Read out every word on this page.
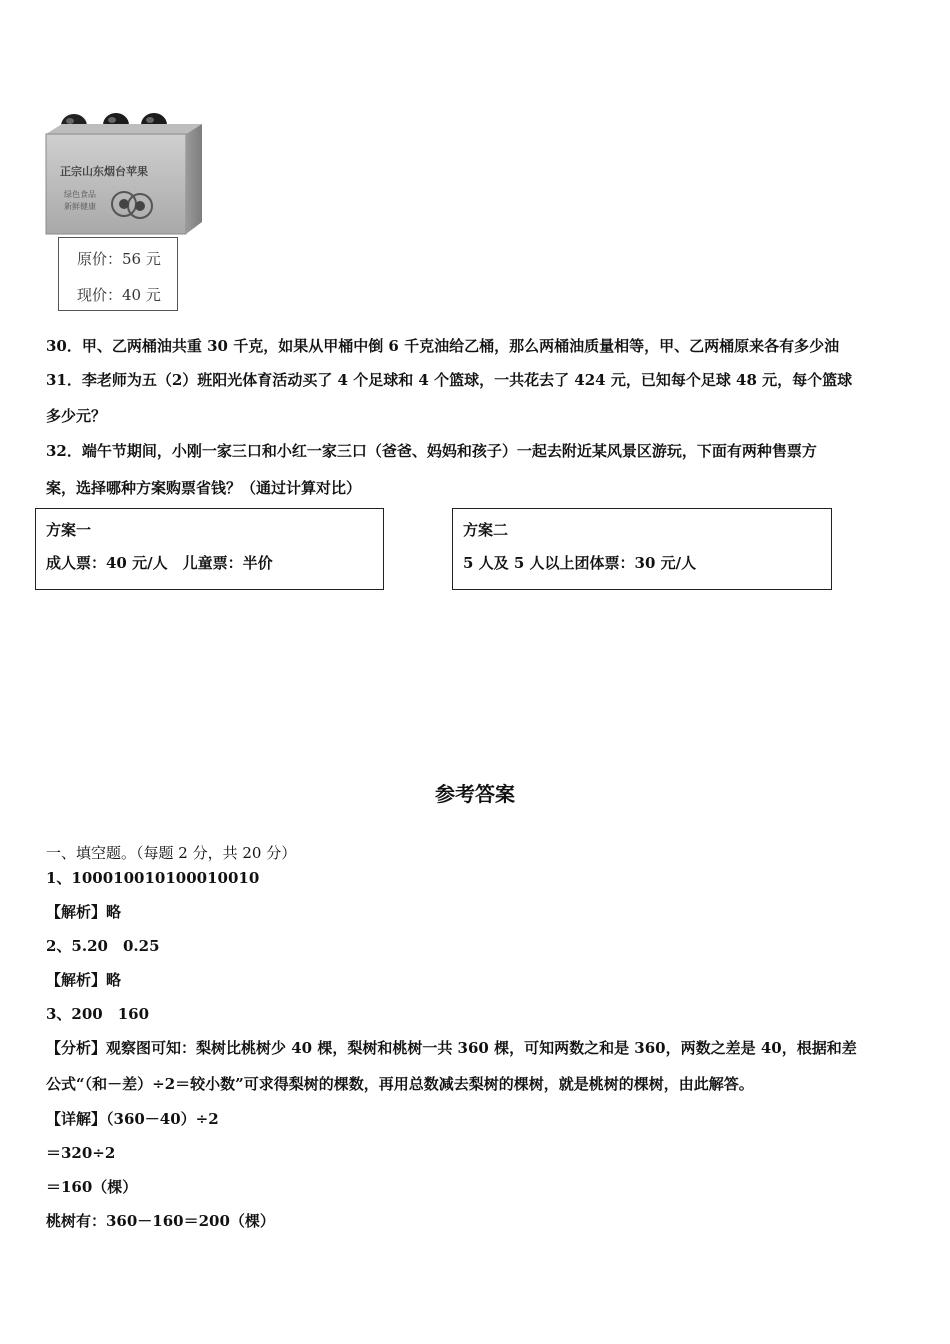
正宗山东烟台苹果
绿色食品
新鲜健康
原价：56 元
现价：40 元
30．甲、乙两桶油共重 30 千克，如果从甲桶中倒 6 千克油给乙桶，那么两桶油质量相等，甲、乙两桶原来各有多少油
31．李老师为五（2）班阳光体育活动买了 4 个足球和 4 个篮球，一共花去了 424 元，已知每个足球 48 元，每个篮球
多少元？
32．端午节期间，小刚一家三口和小红一家三口（爸爸、妈妈和孩子）一起去附近某风景区游玩，下面有两种售票方
案，选择哪种方案购票省钱？（通过计算对比）
方案一
成人票：40 元/人　儿童票：半价
方案二
5 人及 5 人以上团体票：30 元/人
参考答案
一、填空题。（每题 2 分，共 20 分）
1、100010010100010010
【解析】略
2、5.20　0.25
【解析】略
3、200　160
【分析】观察图可知：梨树比桃树少 40 棵，梨树和桃树一共 360 棵，可知两数之和是 360，两数之差是 40，根据和差
公式“（和－差）÷2＝较小数”可求得梨树的棵数，再用总数减去梨树的棵树，就是桃树的棵树，由此解答。
【详解】（360－40）÷2
＝320÷2
＝160（棵）
桃树有：360－160＝200（棵）
